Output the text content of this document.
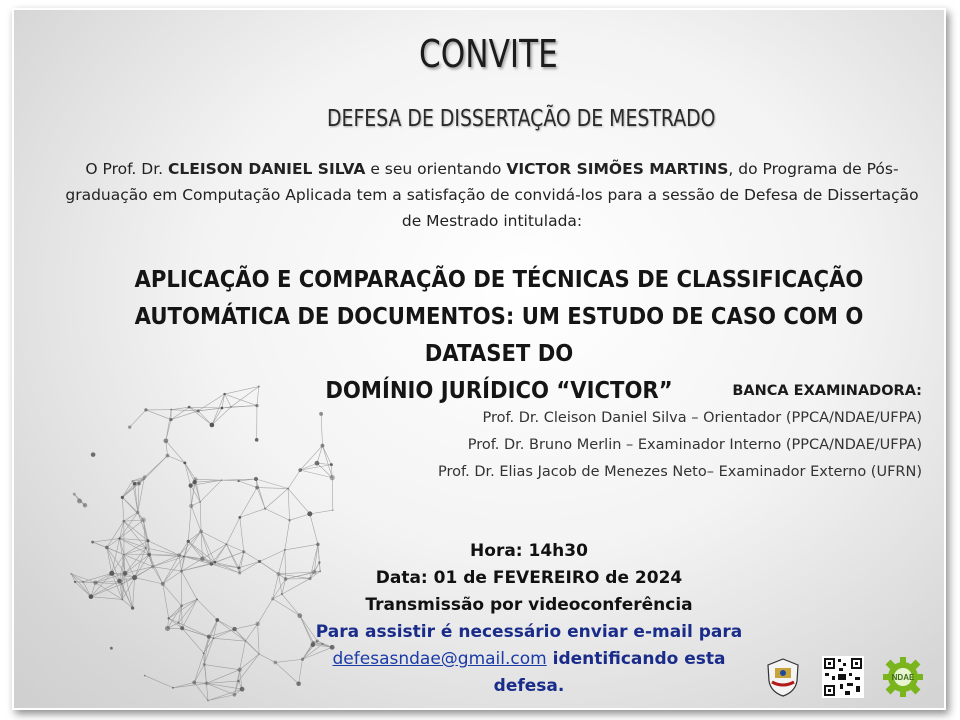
CONVITE
DEFESA DE DISSERTAÇÃO DE MESTRADO
O Prof. Dr. CLEISON DANIEL SILVA e seu orientando VICTOR SIMÕES MARTINS, do Programa de Pós-graduação em Computação Aplicada tem a satisfação de convidá-los para a sessão de Defesa de Dissertação de Mestrado intitulada:
APLICAÇÃO E COMPARAÇÃO DE TÉCNICAS DE CLASSIFICAÇÃO
AUTOMÁTICA DE DOCUMENTOS: UM ESTUDO DE CASO COM O DATASET DO
DOMÍNIO JURÍDICO “VICTOR”	BANCA EXAMINADORA:
Prof. Dr. Cleison Daniel Silva – Orientador (PPCA/NDAE/UFPA)
Prof. Dr. Bruno Merlin – Examinador Interno (PPCA/NDAE/UFPA)
Prof. Dr. Elias Jacob de Menezes Neto– Examinador Externo (UFRN)
Hora: 14h30
Data: 01 de FEVEREIRO de 2024
Transmissão por videoconferência
Para assistir é necessário enviar e-mail para
defesasndae@gmail.com identificando esta defesa.	NDAE
